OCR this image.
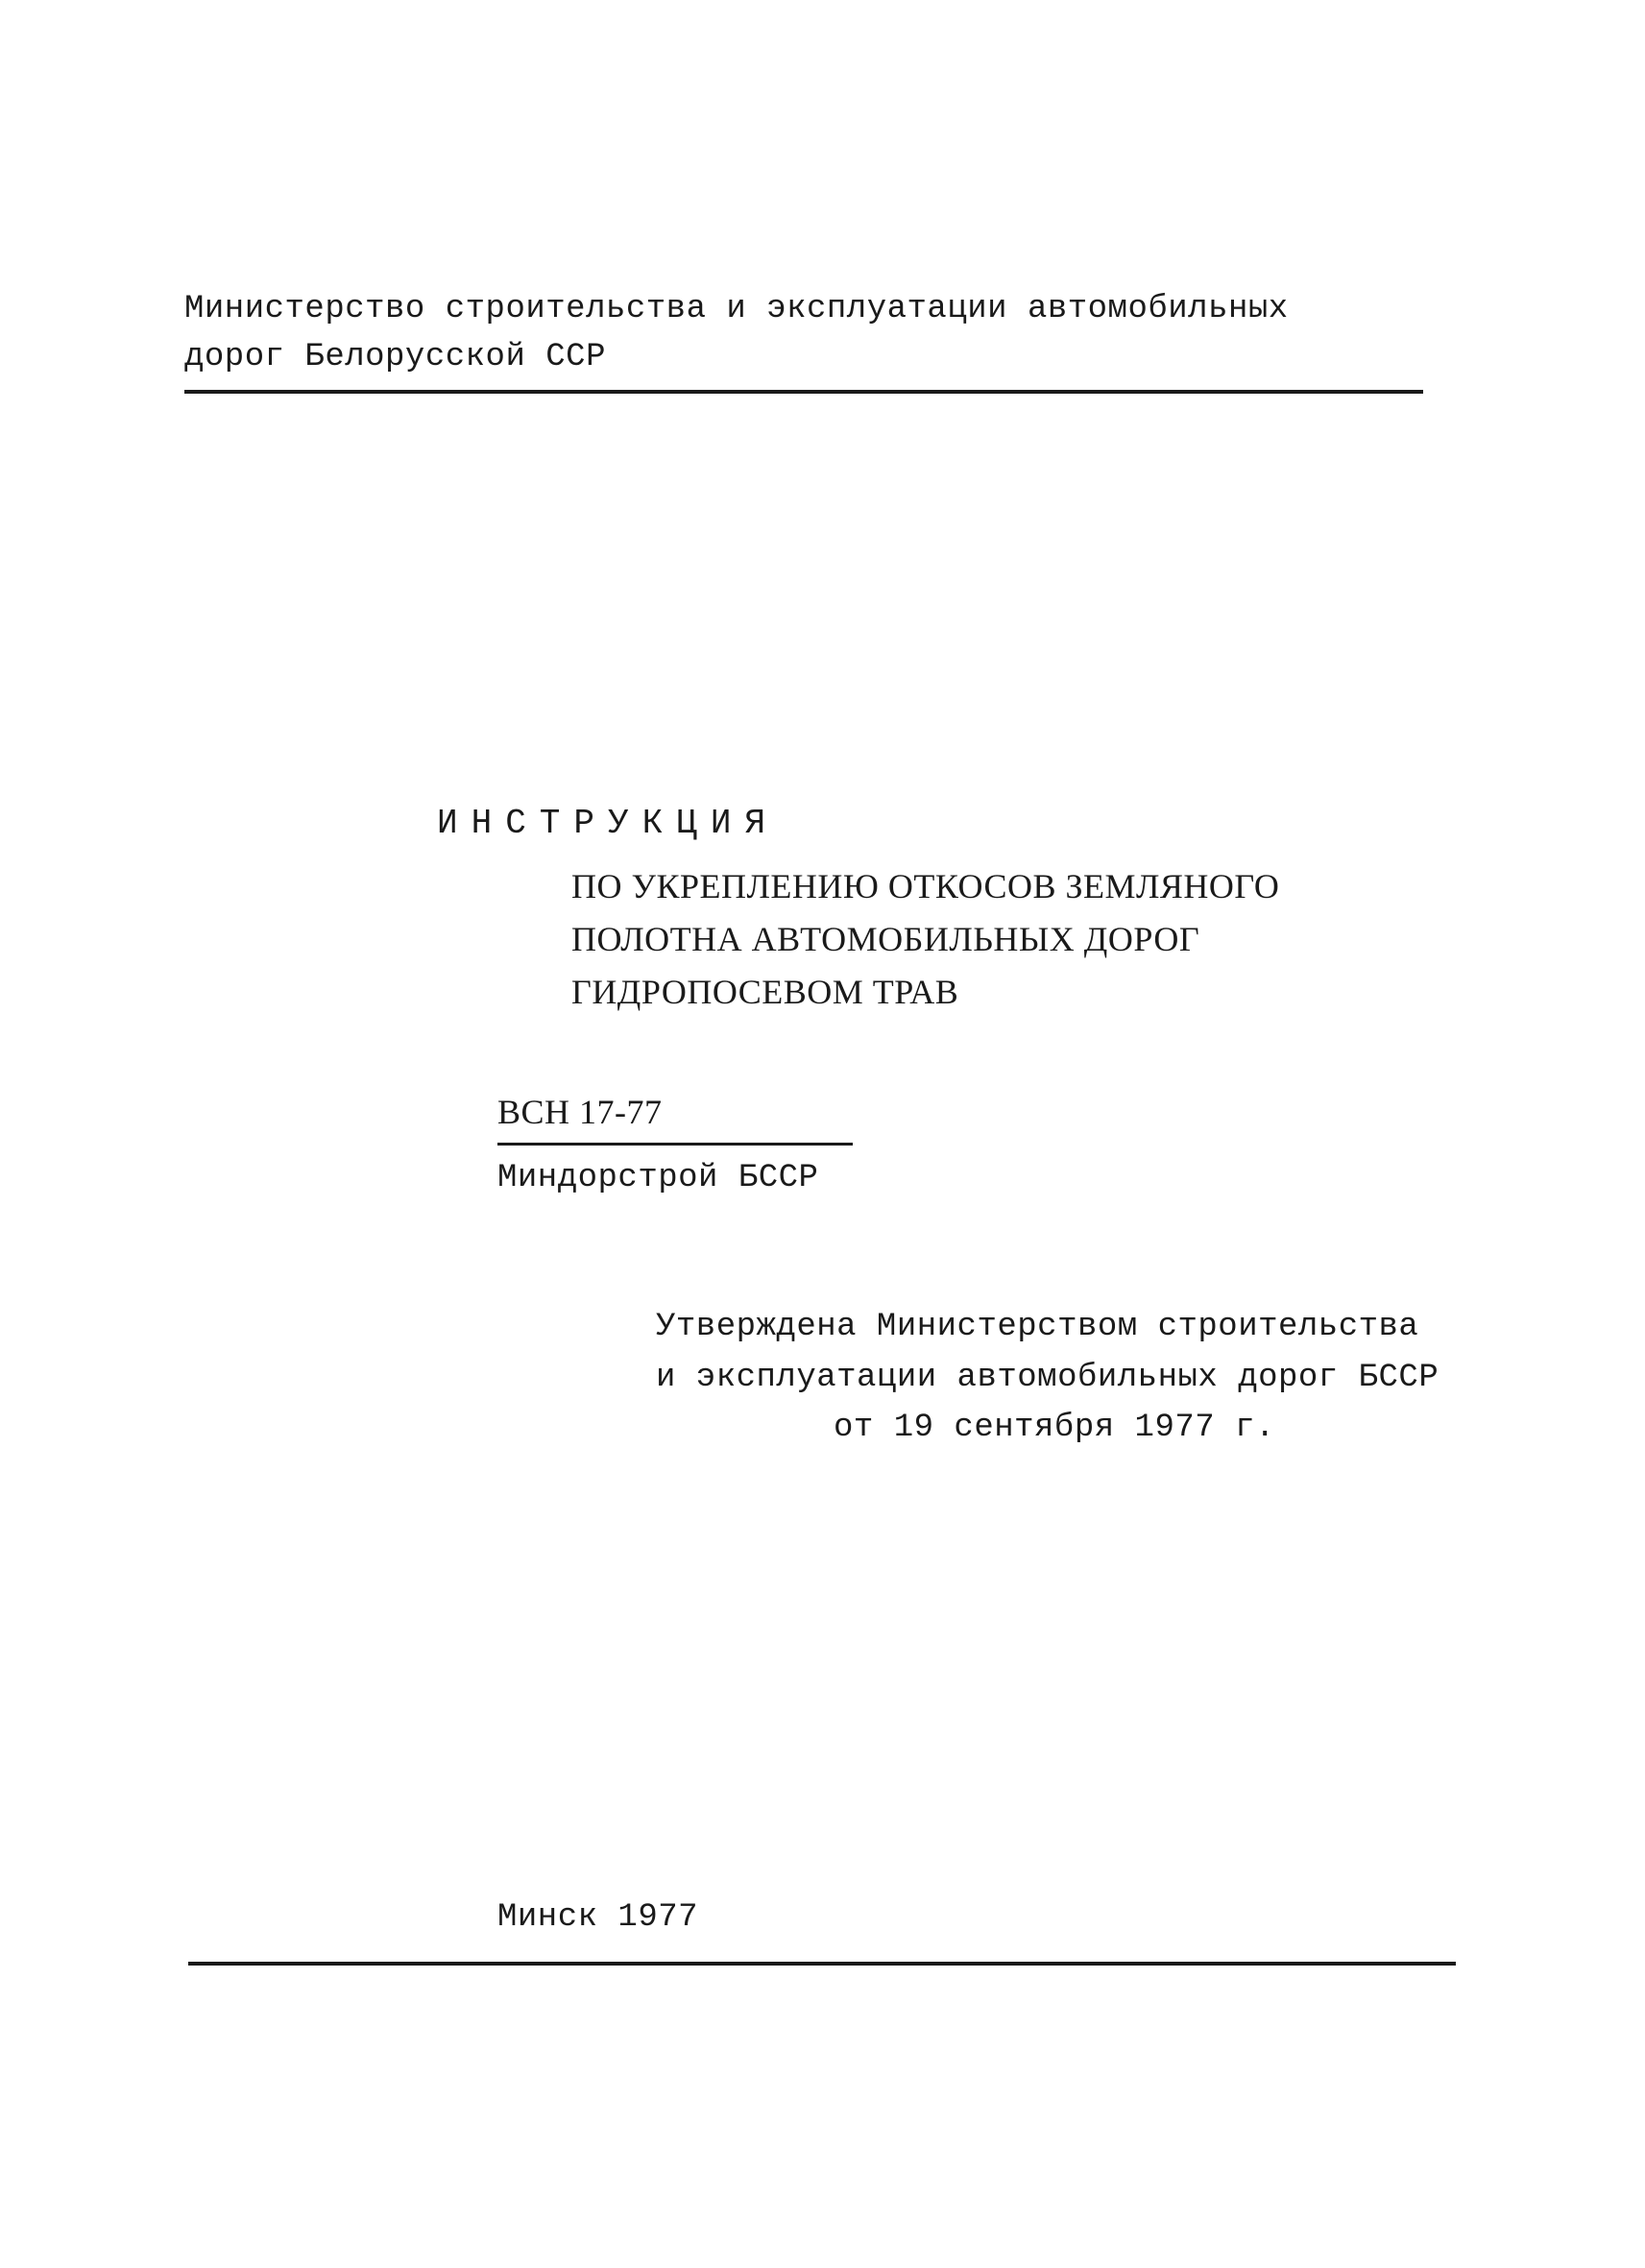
Министерство строительства и эксплуатации автомобильных
дорог Белорусской ССР
ИНСТРУКЦИЯ
ПО УКРЕПЛЕНИЮ ОТКОСОВ ЗЕМЛЯНОГО
ПОЛОТНА АВТОМОБИЛЬНЫХ ДОРОГ
ГИДРОПОСЕВОМ ТРАВ
ВСН 17-77
Миндорстрой БССР
Утверждена Министерством строительства
и эксплуатации автомобильных дорог БССР
от 19 сентября 1977 г.
Минск 1977
